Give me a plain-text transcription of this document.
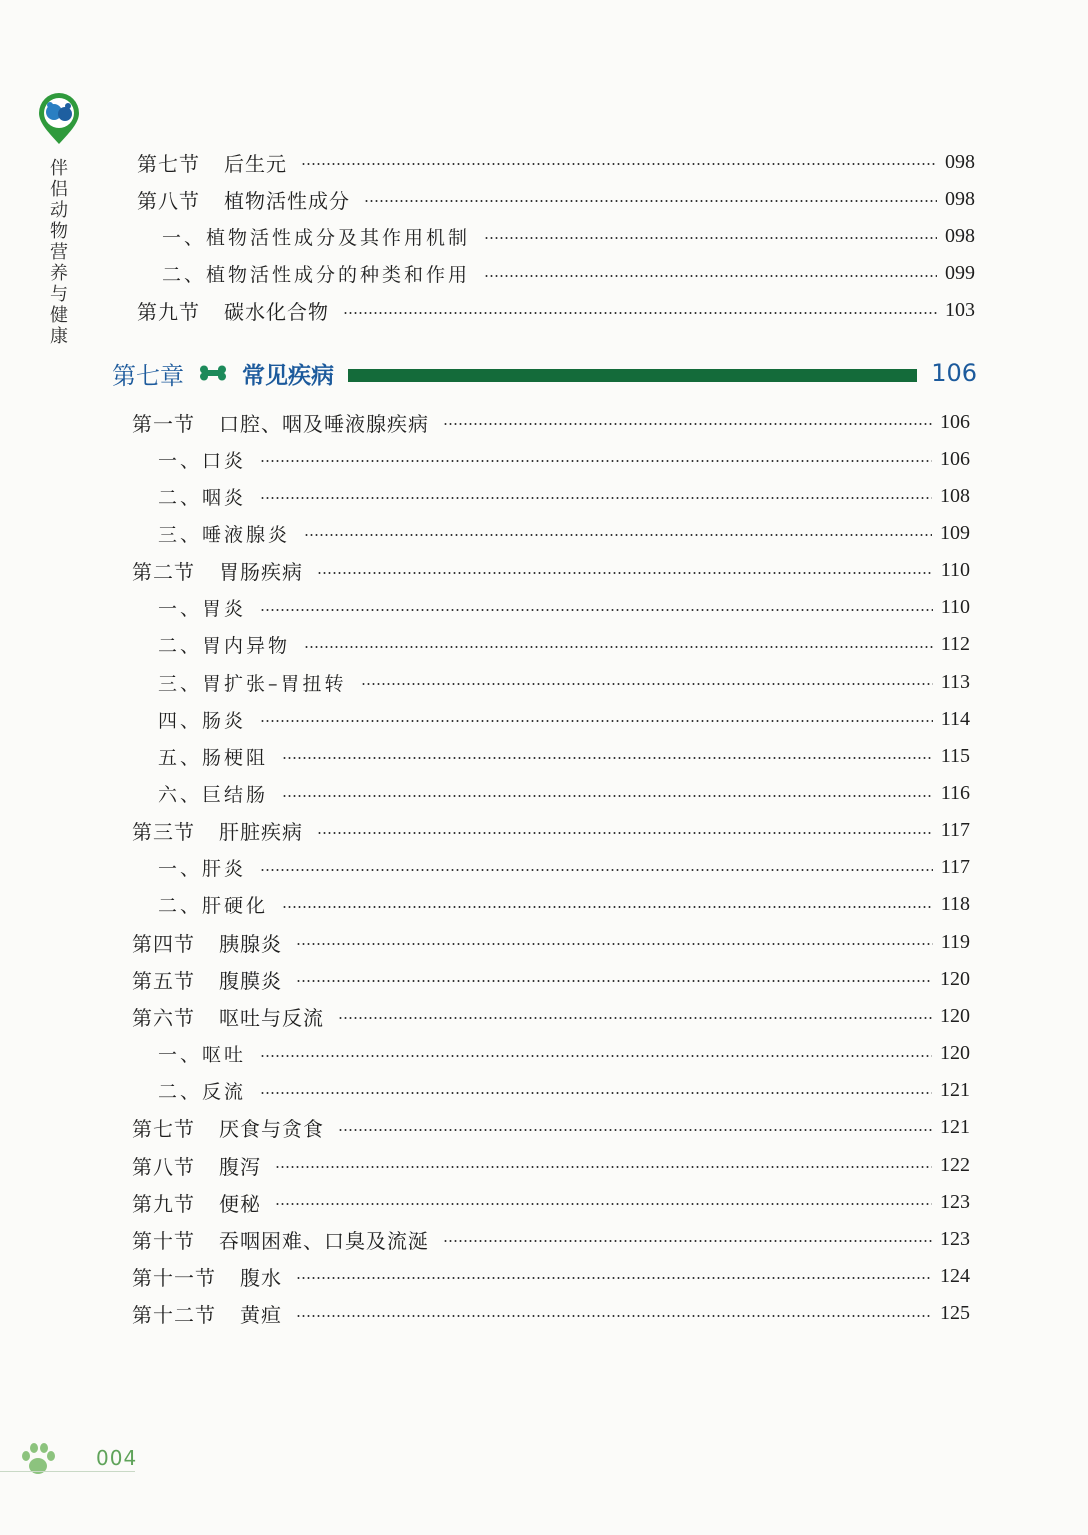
伴
侣
动
物
营
养
与
健
康
第七节 后生元	098
第八节 植物活性成分	098
一、 植物活性成分及其作用机制	098
二、 植物活性成分的种类和作用	099
第九节 碳水化合物	103
第七章	常见疾病	106
第一节 口腔、咽及唾液腺疾病	106
一、 口炎	106
二、 咽炎	108
三、 唾液腺炎	109
第二节 胃肠疾病	110
一、 胃炎	110
二、 胃内异物	112
三、 胃扩张–胃扭转	113
四、 肠炎	114
五、 肠梗阻	115
六、 巨结肠	116
第三节 肝脏疾病	117
一、 肝炎	117
二、 肝硬化	118
第四节 胰腺炎	119
第五节 腹膜炎	120
第六节 呕吐与反流	120
一、 呕吐	120
二、 反流	121
第七节 厌食与贪食	121
第八节 腹泻	122
第九节 便秘	123
第十节 吞咽困难、口臭及流涎	123
第十一节 腹水	124
第十二节 黄疸	125
004
